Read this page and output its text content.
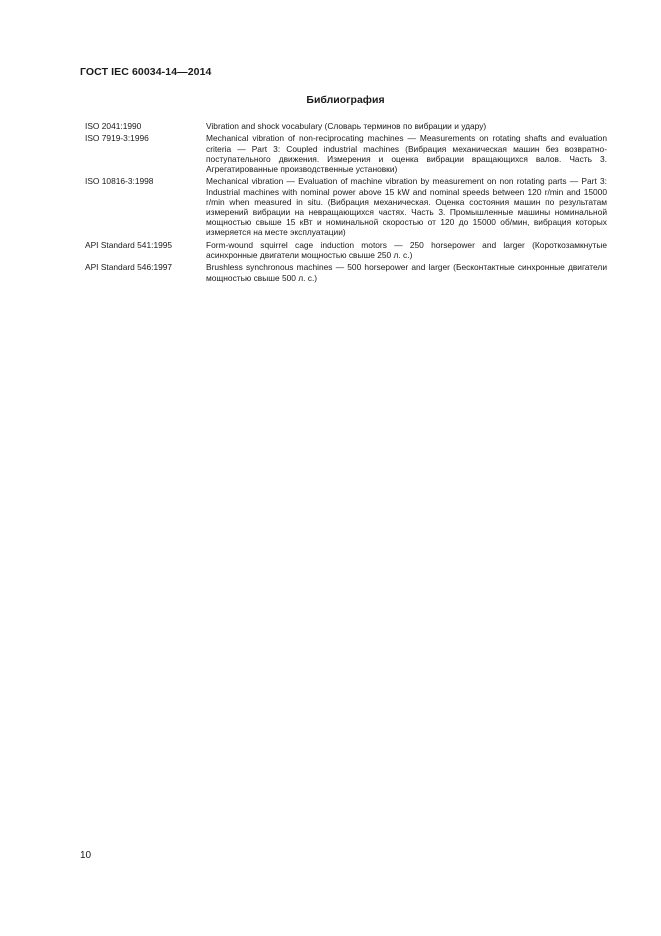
ГОСТ IEC 60034-14—2014
Библиография
ISO 2041:1990	Vibration and shock vocabulary (Словарь терминов по вибрации и удару)
ISO 7919-3:1996	Mechanical vibration of non-reciprocating machines — Measurements on rotating shafts and evaluation criteria — Part 3: Coupled industrial machines (Вибрация механическая машин без возвратно-поступательного движения. Измерения и оценка вибрации вращающихся валов. Часть 3. Агрегатированные производственные установки)
ISO 10816-3:1998	Mechanical vibration — Evaluation of machine vibration by measurement on non rotating parts — Part 3: Industrial machines with nominal power above 15 kW and nominal speeds between 120 r/min and 15000 r/min when measured in situ. (Вибрация механическая. Оценка состояния машин по результатам измерений вибрации на невращающихся частях. Часть 3. Промышленные машины номинальной мощностью свыше 15 кВт и номинальной скоростью от 120 до 15000 об/мин, вибрация которых измеряется на месте эксплуатации)
API Standard 541:1995	Form-wound squirrel cage induction motors — 250 horsepower and larger (Короткозамкнутые асинхронные двигатели мощностью свыше 250 л. с.)
API Standard 546:1997	Brushless synchronous machines — 500 horsepower and larger (Бесконтактные синхронные двигатели мощностью свыше 500 л. с.)
10
